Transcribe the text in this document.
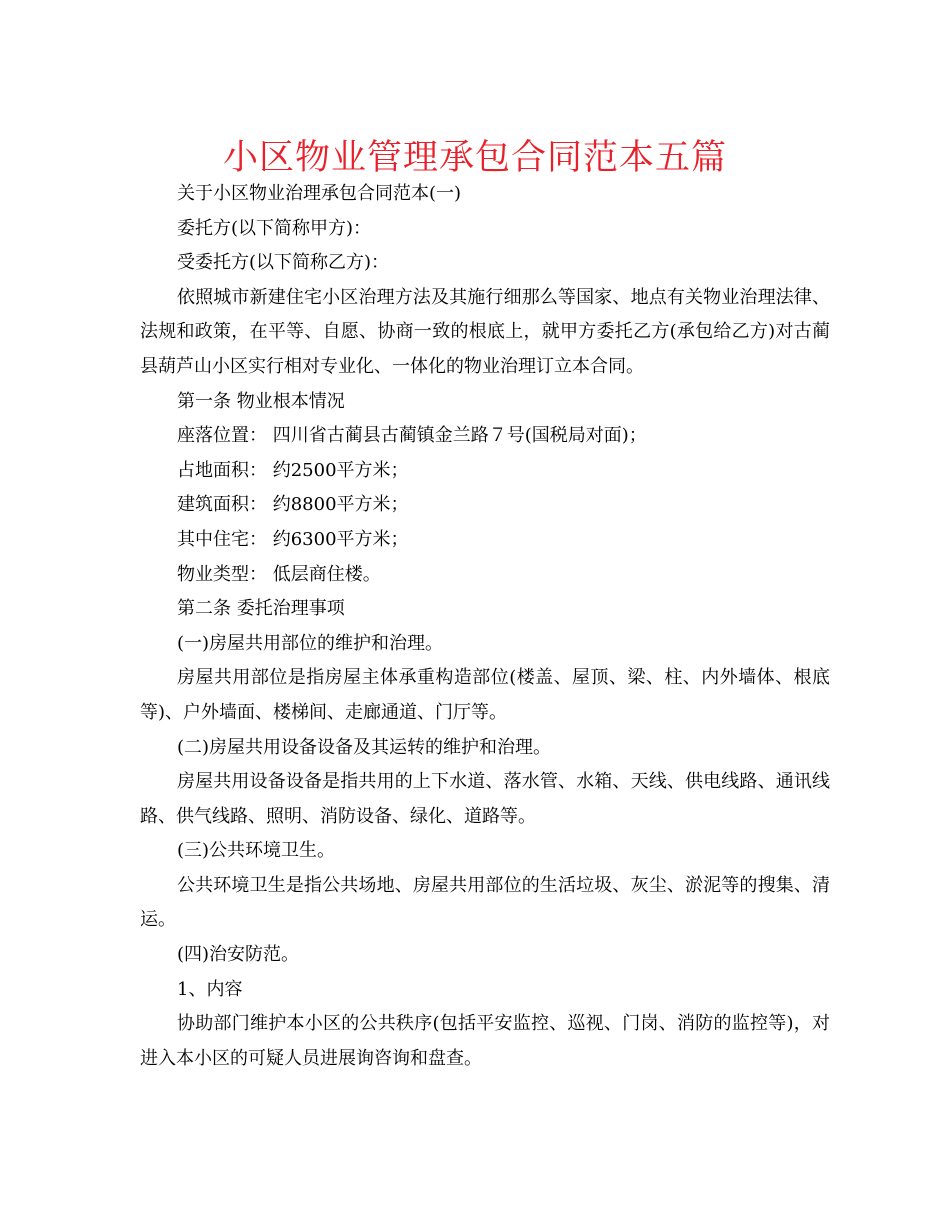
小区物业管理承包合同范本五篇

关于小区物业治理承包合同范本(一)

委托方(以下简称甲方)：

受委托方(以下简称乙方)：

依照城市新建住宅小区治理方法及其施行细那么等国家、地点有关物业治理法律、法规和政策，在平等、自愿、协商一致的根底上，就甲方委托乙方(承包给乙方)对古蔺县葫芦山小区实行相对专业化、一体化的物业治理订立本合同。

第一条 物业根本情况

座落位置： 四川省古蔺县古蔺镇金兰路７号(国税局对面)；

占地面积： 约2500平方米；

建筑面积： 约8800平方米；

其中住宅： 约6300平方米；

物业类型： 低层商住楼。

第二条 委托治理事项

(一)房屋共用部位的维护和治理。

房屋共用部位是指房屋主体承重构造部位(楼盖、屋顶、梁、柱、内外墙体、根底等)、户外墙面、楼梯间、走廊通道、门厅等。

(二)房屋共用设备设备及其运转的维护和治理。

房屋共用设备设备是指共用的上下水道、落水管、水箱、天线、供电线路、通讯线路、供气线路、照明、消防设备、绿化、道路等。

(三)公共环境卫生。

公共环境卫生是指公共场地、房屋共用部位的生活垃圾、灰尘、淤泥等的搜集、清运。

(四)治安防范。

1、内容

协助部门维护本小区的公共秩序(包括平安监控、巡视、门岗、消防的监控等)，对进入本小区的可疑人员进展询咨询和盘查。
